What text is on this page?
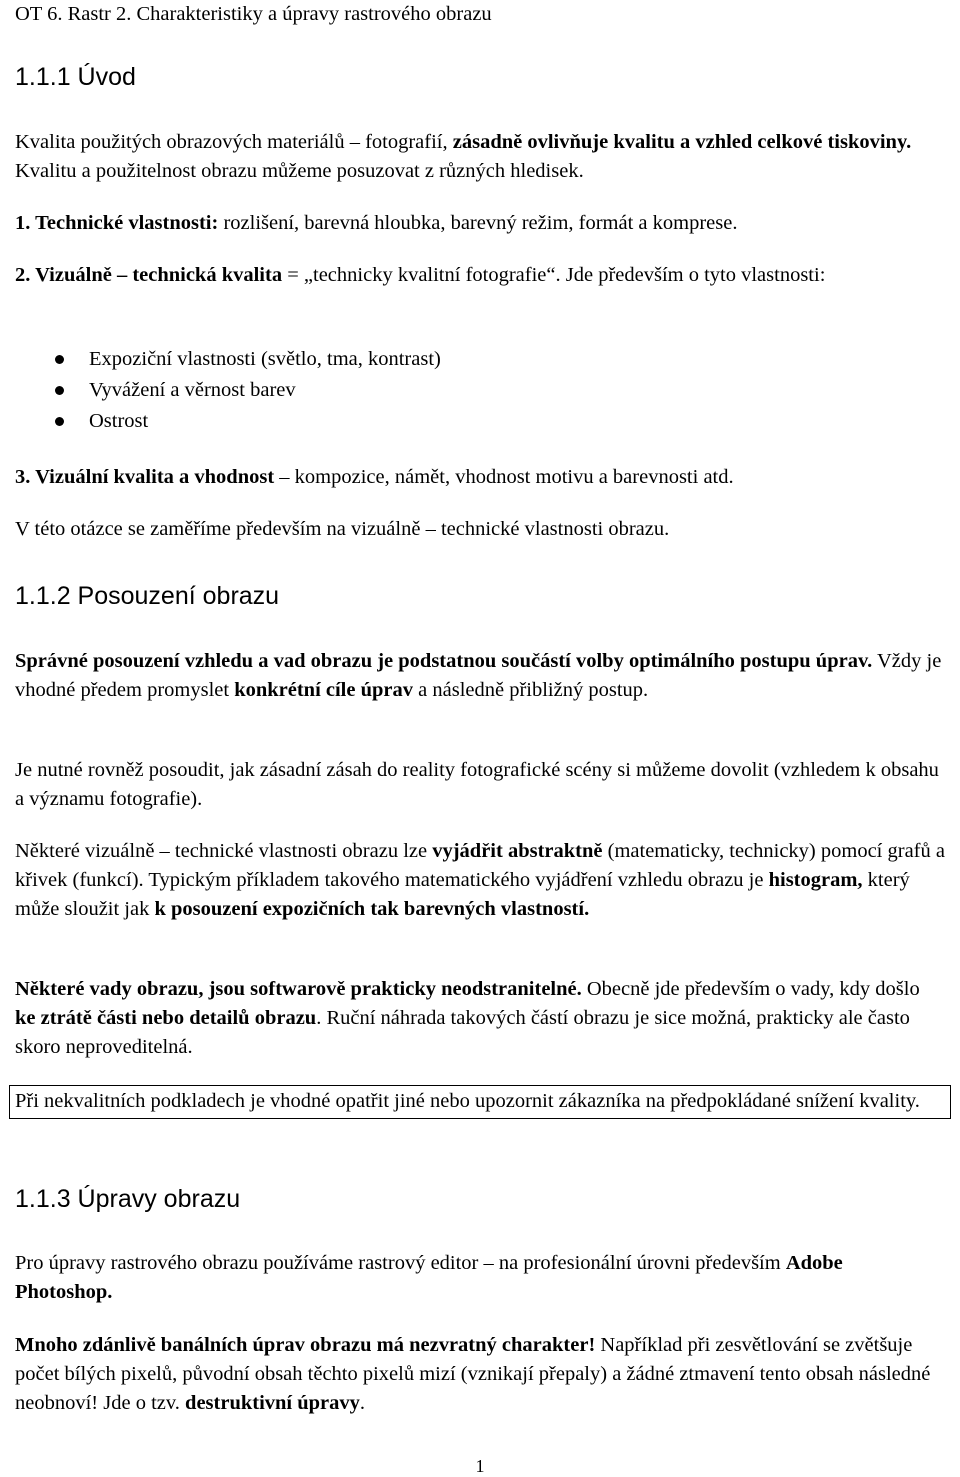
OT 6. Rastr 2. Charakteristiky a úpravy rastrového obrazu
1.1.1 Úvod
Kvalita použitých obrazových materiálů – fotografií, zásadně ovlivňuje kvalitu a vzhled celkové tiskoviny. Kvalitu a použitelnost obrazu můžeme posuzovat z různých hledisek.
1. Technické vlastnosti: rozlišení, barevná hloubka, barevný režim, formát a komprese.
2. Vizuálně – technická kvalita = „technicky kvalitní fotografie“. Jde především o tyto vlastnosti:
Expoziční vlastnosti (světlo, tma, kontrast)
Vyvážení a věrnost barev
Ostrost
3. Vizuální kvalita a vhodnost – kompozice, námět, vhodnost motivu a barevnosti atd.
V této otázce se zaměříme především na vizuálně – technické vlastnosti obrazu.
1.1.2 Posouzení obrazu
Správné posouzení vzhledu a vad obrazu je podstatnou součástí volby optimálního postupu úprav. Vždy je vhodné předem promyslet konkrétní cíle úprav a následně přibližný postup.
Je nutné rovněž posoudit, jak zásadní zásah do reality fotografické scény si můžeme dovolit (vzhledem k obsahu a významu fotografie).
Některé vizuálně – technické vlastnosti obrazu lze vyjádřit abstraktně (matematicky, technicky) pomocí grafů a křivek (funkcí). Typickým příkladem takového matematického vyjádření vzhledu obrazu je histogram, který může sloužit jak k posouzení expozičních tak barevných vlastností.
Některé vady obrazu, jsou softwarově prakticky neodstranitelné. Obecně jde především o vady, kdy došlo ke ztrátě části nebo detailů obrazu. Ruční náhrada takových částí obrazu je sice možná, prakticky ale často skoro neproveditelná.
Při nekvalitních podkladech je vhodné opatřit jiné nebo upozornit zákazníka na předpokládané snížení kvality.
1.1.3 Úpravy obrazu
Pro úpravy rastrového obrazu používáme rastrový editor – na profesionální úrovni především Adobe Photoshop.
Mnoho zdánlivě banálních úprav obrazu má nezvratný charakter! Například při zesvětlování se zvětšuje počet bílých pixelů, původní obsah těchto pixelů mizí (vznikají přepaly) a žádné ztmavení tento obsah následné neobnoví! Jde o tzv. destruktivní úpravy.
1
